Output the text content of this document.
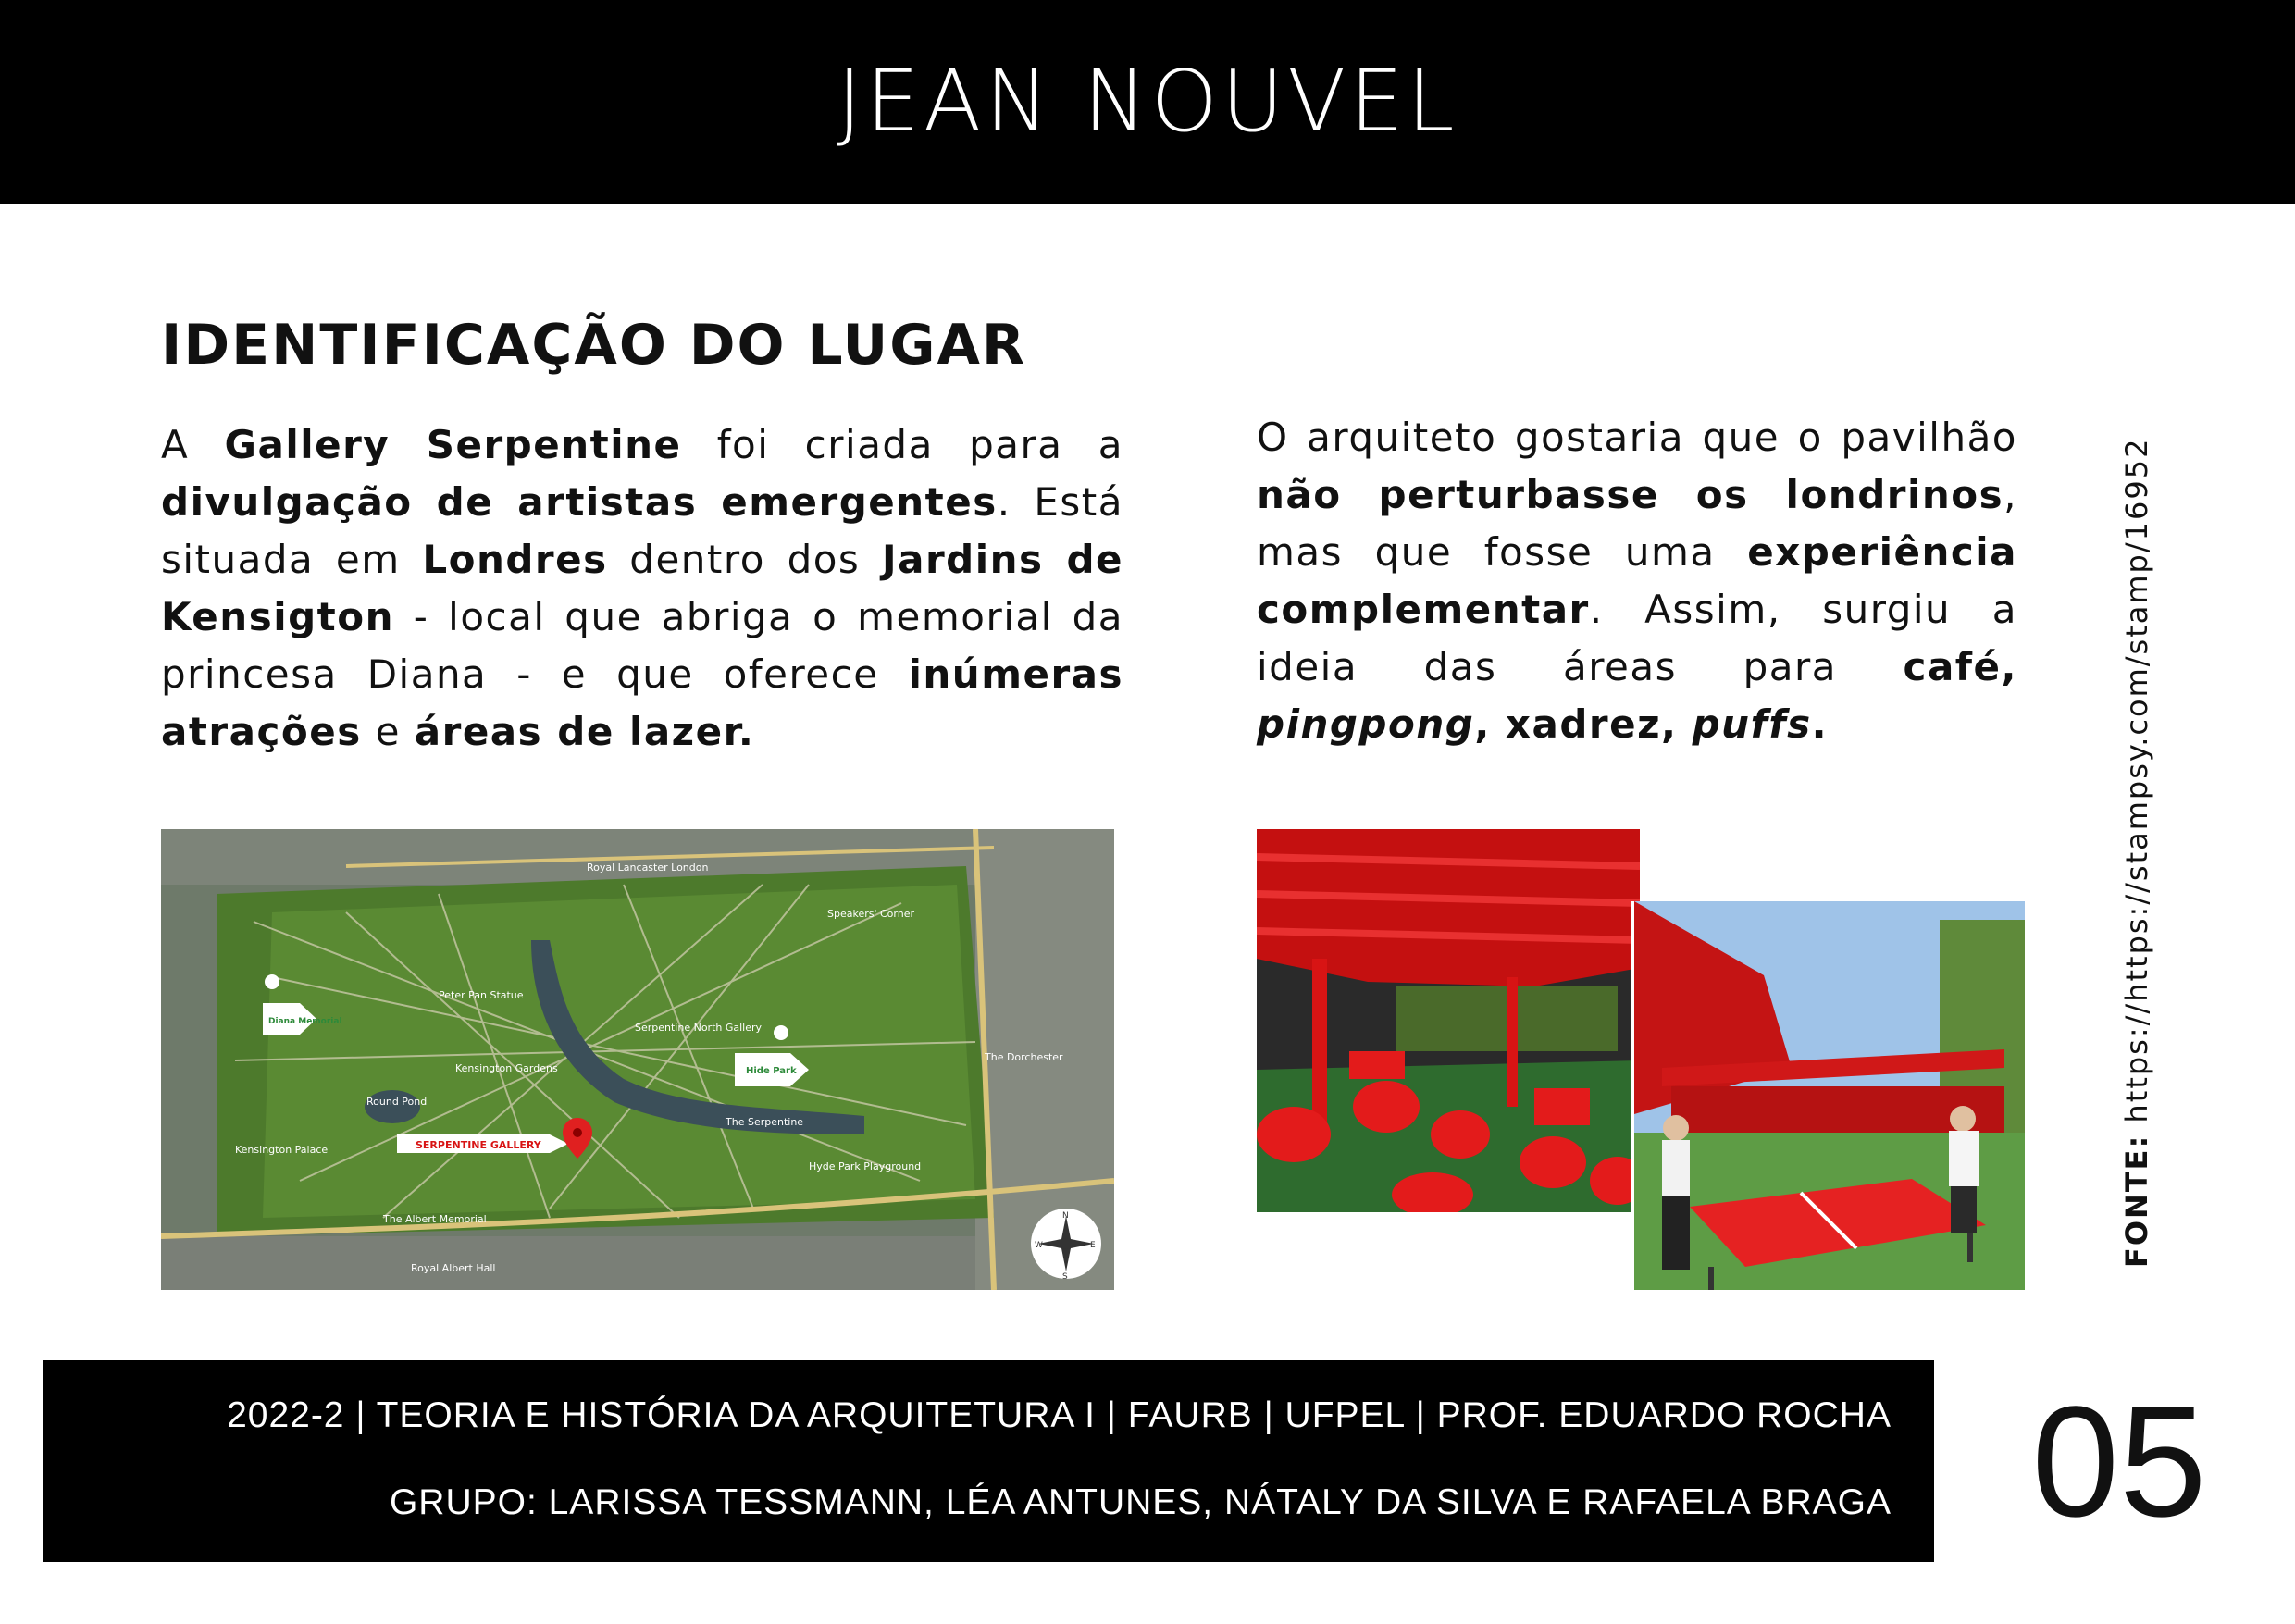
JEAN NOUVEL
IDENTIFICAÇÃO DO LUGAR
A Gallery Serpentine foi criada para a divulgação de artistas emergentes. Está situada em Londres dentro dos Jardins de Kensigton - local que abriga o memorial da princesa Diana - e que oferece inúmeras atrações e áreas de lazer.
O arquiteto gostaria que o pavilhão não perturbasse os londrinos, mas que fosse uma experiência complementar. Assim, surgiu a ideia das áreas para café, pingpong, xadrez, puffs.
Peter Pan Statue
Kensington Gardens
Round Pond
Kensington Palace
The Serpentine
Hyde Park Playground
The Albert Memorial
Royal Albert Hall
Speakers' Corner
The Dorchester
Serpentine North Gallery
Royal Lancaster London
Diana Memorial
Hide Park
SERPENTINE GALLERY
N
E
S
W	FONTE: https://https://stampsy.com/stamp/16952
2022-2 | TEORIA E HISTÓRIA DA ARQUITETURA I | FAURB | UFPEL | PROF. EDUARDO ROCHA
GRUPO: LARISSA TESSMANN, LÉA ANTUNES, NÁTALY DA SILVA E RAFAELA BRAGA 05
